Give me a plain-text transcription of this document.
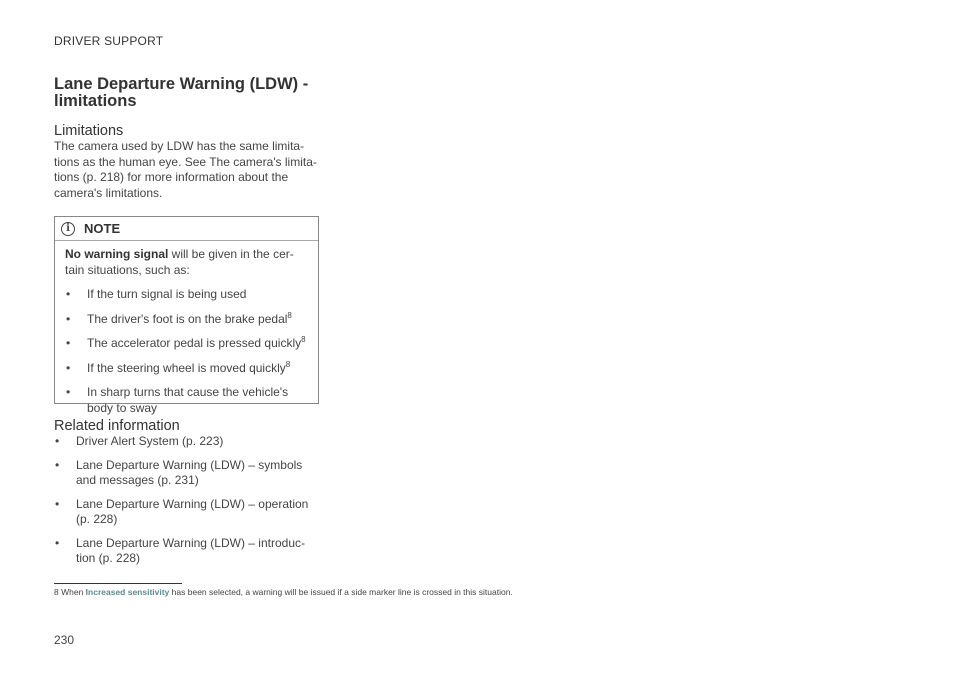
DRIVER SUPPORT
Lane Departure Warning (LDW) - limitations
Limitations
The camera used by LDW has the same limita-tions as the human eye. See The camera's limita-tions (p. 218) for more information about the camera's limitations.
i	NOTE
No warning signal will be given in the cer-tain situations, such as:
• If the turn signal is being used
• The driver's foot is on the brake pedal$^8$
• The accelerator pedal is pressed quickly$^8$
• If the steering wheel is moved quickly$^8$
• In sharp turns that cause the vehicle's body to sway
Related information
• Driver Alert System (p. 223)
• Lane Departure Warning (LDW) – symbols and messages (p. 231)
• Lane Departure Warning (LDW) – operation (p. 228)
• Lane Departure Warning (LDW) – introduc-tion (p. 228)
8 When Increased sensitivity has been selected, a warning will be issued if a side marker line is crossed in this situation.
230
